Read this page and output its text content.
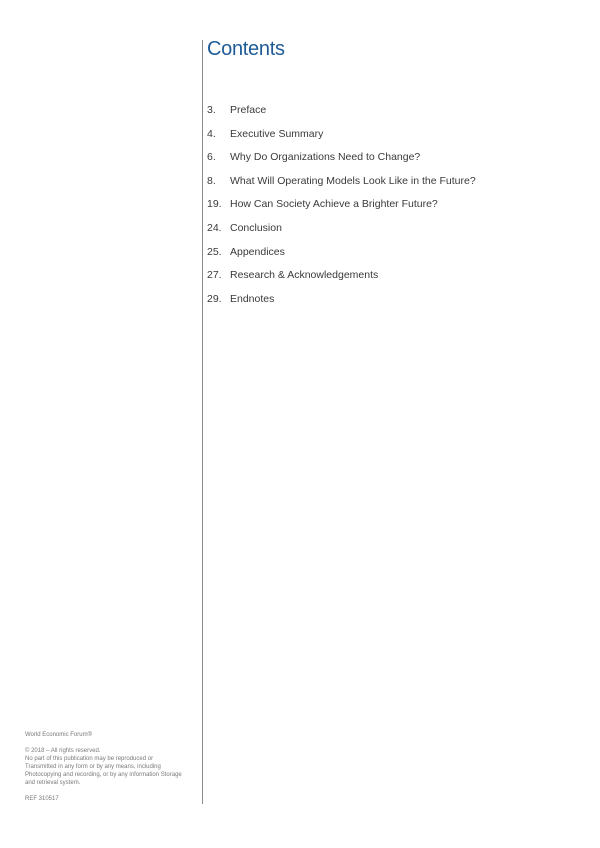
Contents
3. Preface
4. Executive Summary
6. Why Do Organizations Need to Change?
8. What Will Operating Models Look Like in the Future?
19. How Can Society Achieve a Brighter Future?
24. Conclusion
25. Appendices
27. Research & Acknowledgements
29. Endnotes

World Economic Forum®

© 2018 – All rights reserved.

No part of this publication may be reproduced or

Transmitted in any form or by any means, including

Photocopying and recording, or by any information Storage

and retrieval system.

REF 310517
